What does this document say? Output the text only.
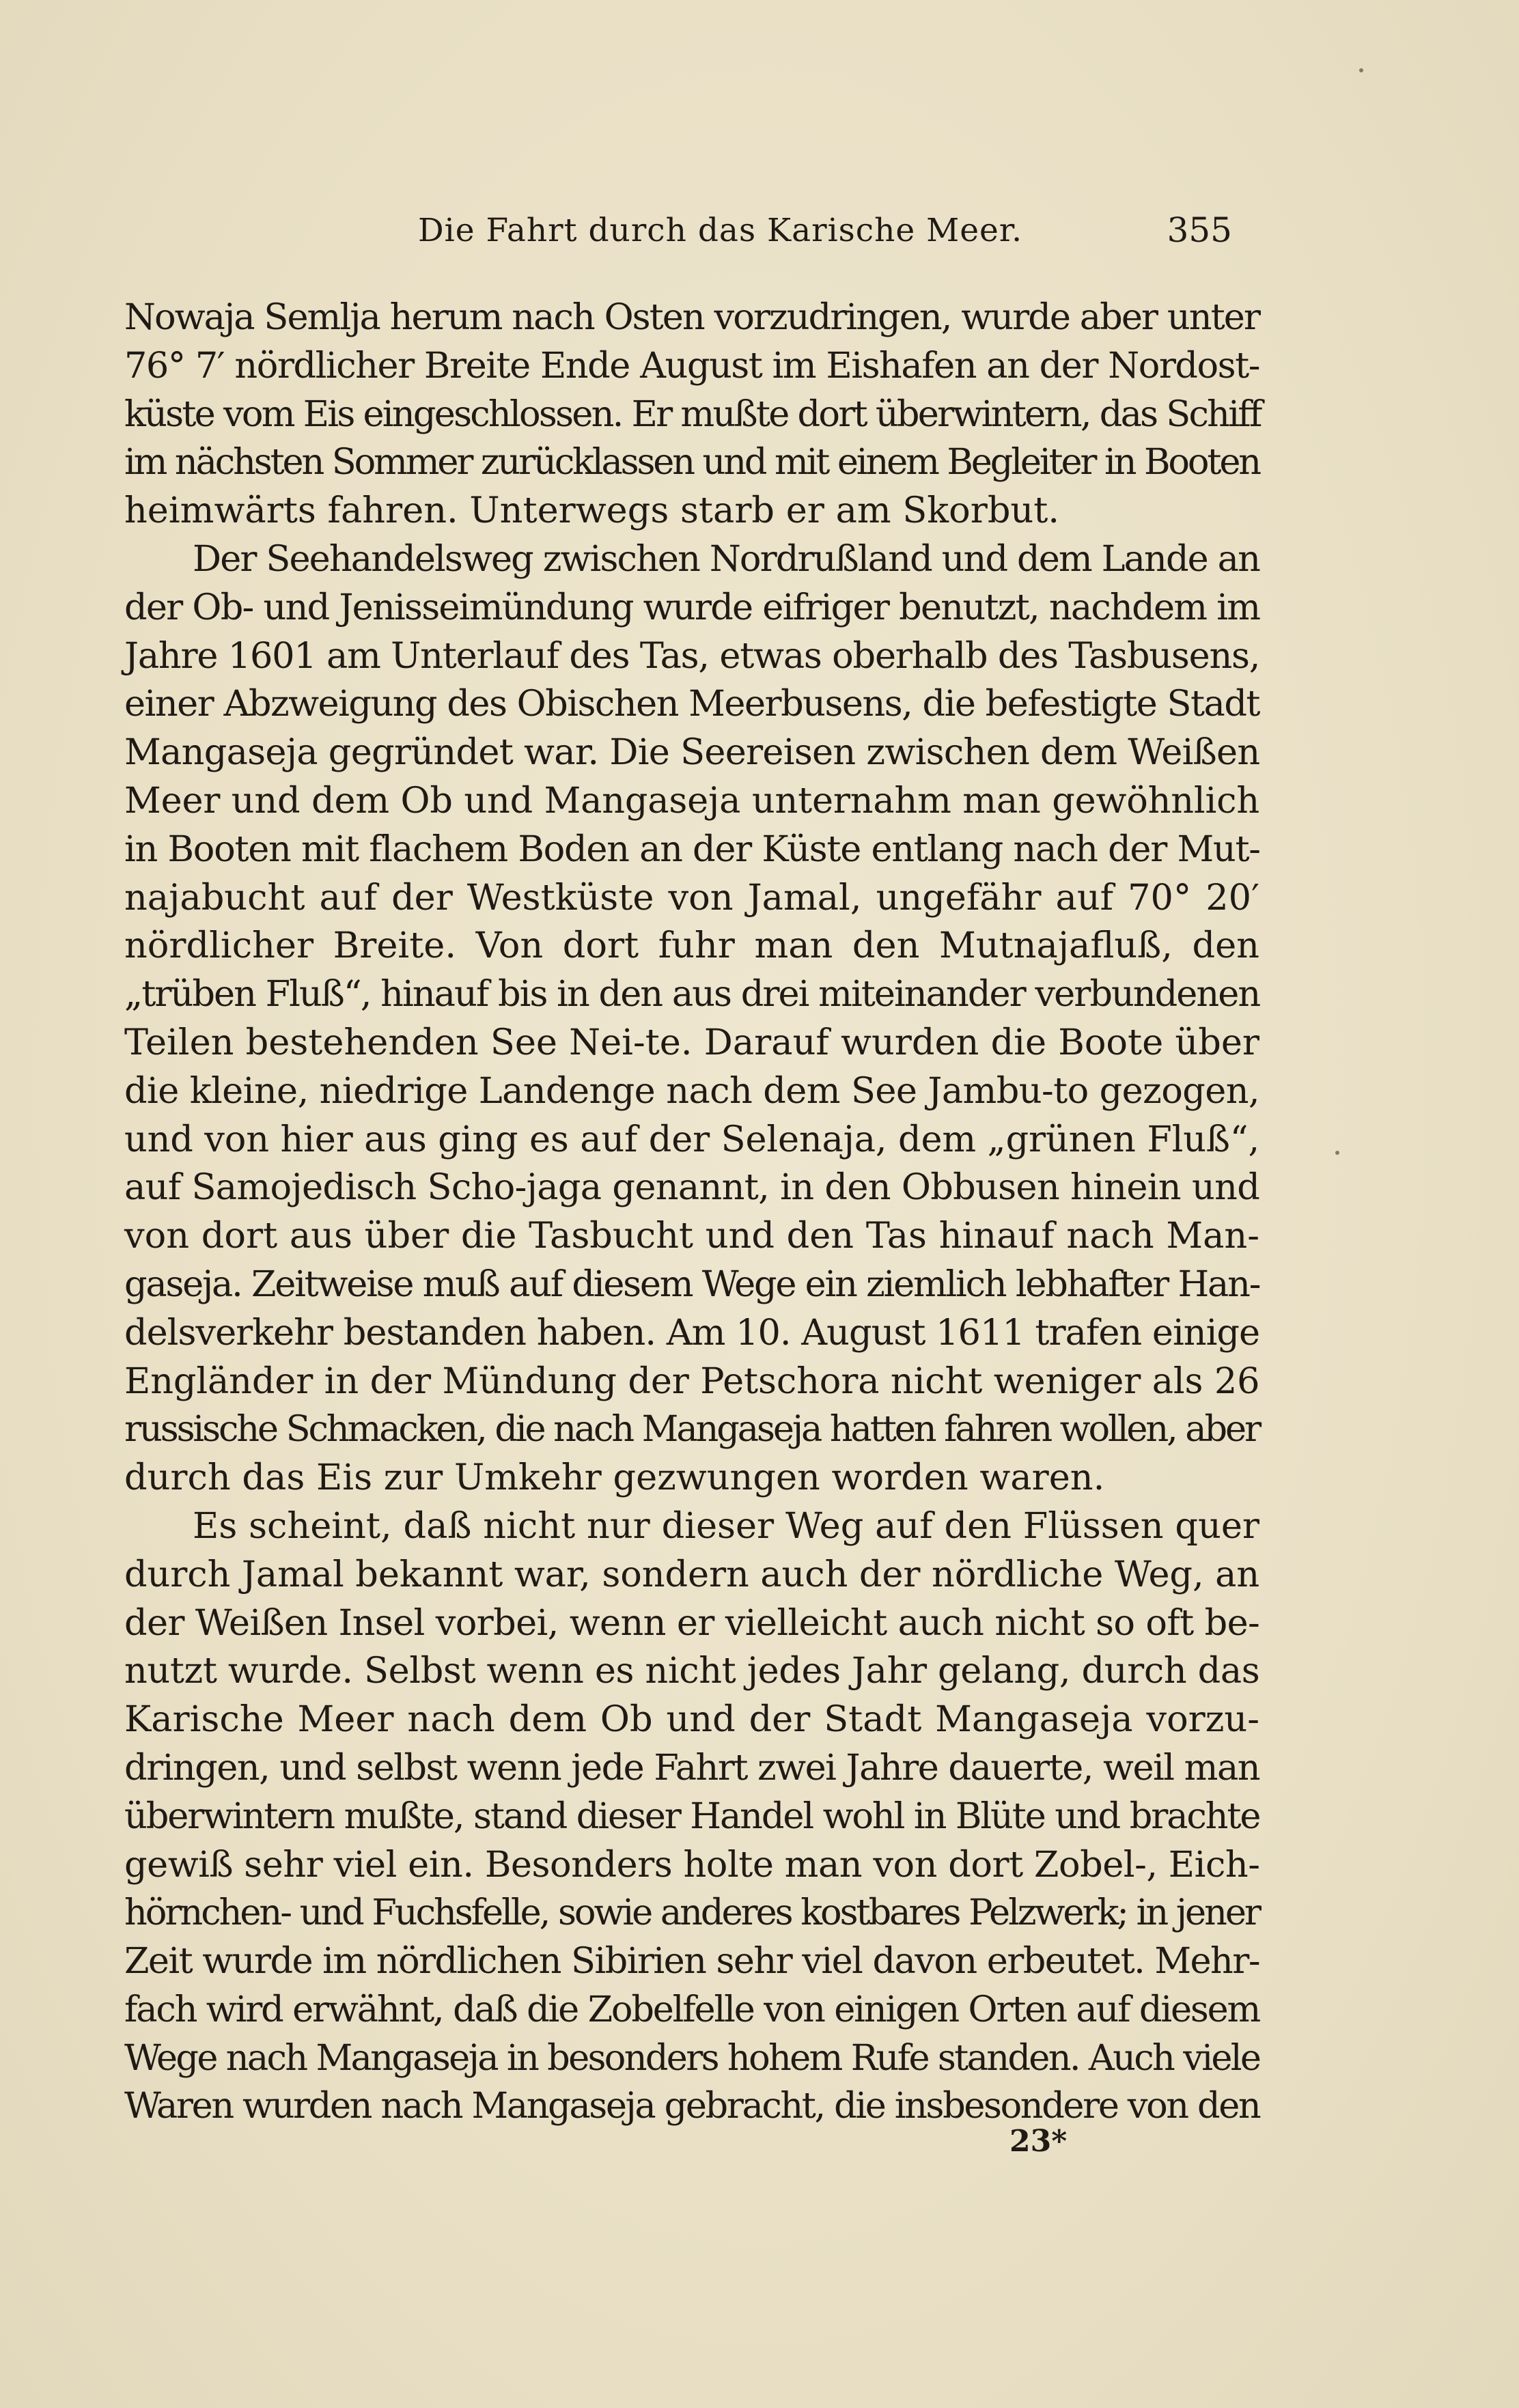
Die Fahrt durch das Karische Meer.	355
Nowaja Semlja herum nach Osten vorzudringen, wurde aber unter
76° 7′ nördlicher Breite Ende August im Eishafen an der Nordost-
küste vom Eis eingeschlossen. Er mußte dort überwintern, das Schiff
im nächsten Sommer zurücklassen und mit einem Begleiter in Booten
heimwärts fahren. Unterwegs starb er am Skorbut.
Der Seehandelsweg zwischen Nordrußland und dem Lande an
der Ob- und Jenisseimündung wurde eifriger benutzt, nachdem im
Jahre 1601 am Unterlauf des Tas, etwas oberhalb des Tasbusens,
einer Abzweigung des Obischen Meerbusens, die befestigte Stadt
Mangaseja gegründet war. Die Seereisen zwischen dem Weißen
Meer und dem Ob und Mangaseja unternahm man gewöhnlich
in Booten mit flachem Boden an der Küste entlang nach der Mut-
najabucht auf der Westküste von Jamal, ungefähr auf 70° 20′
nördlicher Breite. Von dort fuhr man den Mutnajafluß, den
„trüben Fluß“, hinauf bis in den aus drei miteinander verbundenen
Teilen bestehenden See Nei-te. Darauf wurden die Boote über
die kleine, niedrige Landenge nach dem See Jambu-to gezogen,
und von hier aus ging es auf der Selenaja, dem „grünen Fluß“,
auf Samojedisch Scho-jaga genannt, in den Obbusen hinein und
von dort aus über die Tasbucht und den Tas hinauf nach Man-
gaseja. Zeitweise muß auf diesem Wege ein ziemlich lebhafter Han-
delsverkehr bestanden haben. Am 10. August 1611 trafen einige
Engländer in der Mündung der Petschora nicht weniger als 26
russische Schmacken, die nach Mangaseja hatten fahren wollen, aber
durch das Eis zur Umkehr gezwungen worden waren.
Es scheint, daß nicht nur dieser Weg auf den Flüssen quer
durch Jamal bekannt war, sondern auch der nördliche Weg, an
der Weißen Insel vorbei, wenn er vielleicht auch nicht so oft be-
nutzt wurde. Selbst wenn es nicht jedes Jahr gelang, durch das
Karische Meer nach dem Ob und der Stadt Mangaseja vorzu-
dringen, und selbst wenn jede Fahrt zwei Jahre dauerte, weil man
überwintern mußte, stand dieser Handel wohl in Blüte und brachte
gewiß sehr viel ein. Besonders holte man von dort Zobel-, Eich-
hörnchen- und Fuchsfelle, sowie anderes kostbares Pelzwerk; in jener
Zeit wurde im nördlichen Sibirien sehr viel davon erbeutet. Mehr-
fach wird erwähnt, daß die Zobelfelle von einigen Orten auf diesem
Wege nach Mangaseja in besonders hohem Rufe standen. Auch viele
Waren wurden nach Mangaseja gebracht, die insbesondere von den
23*
